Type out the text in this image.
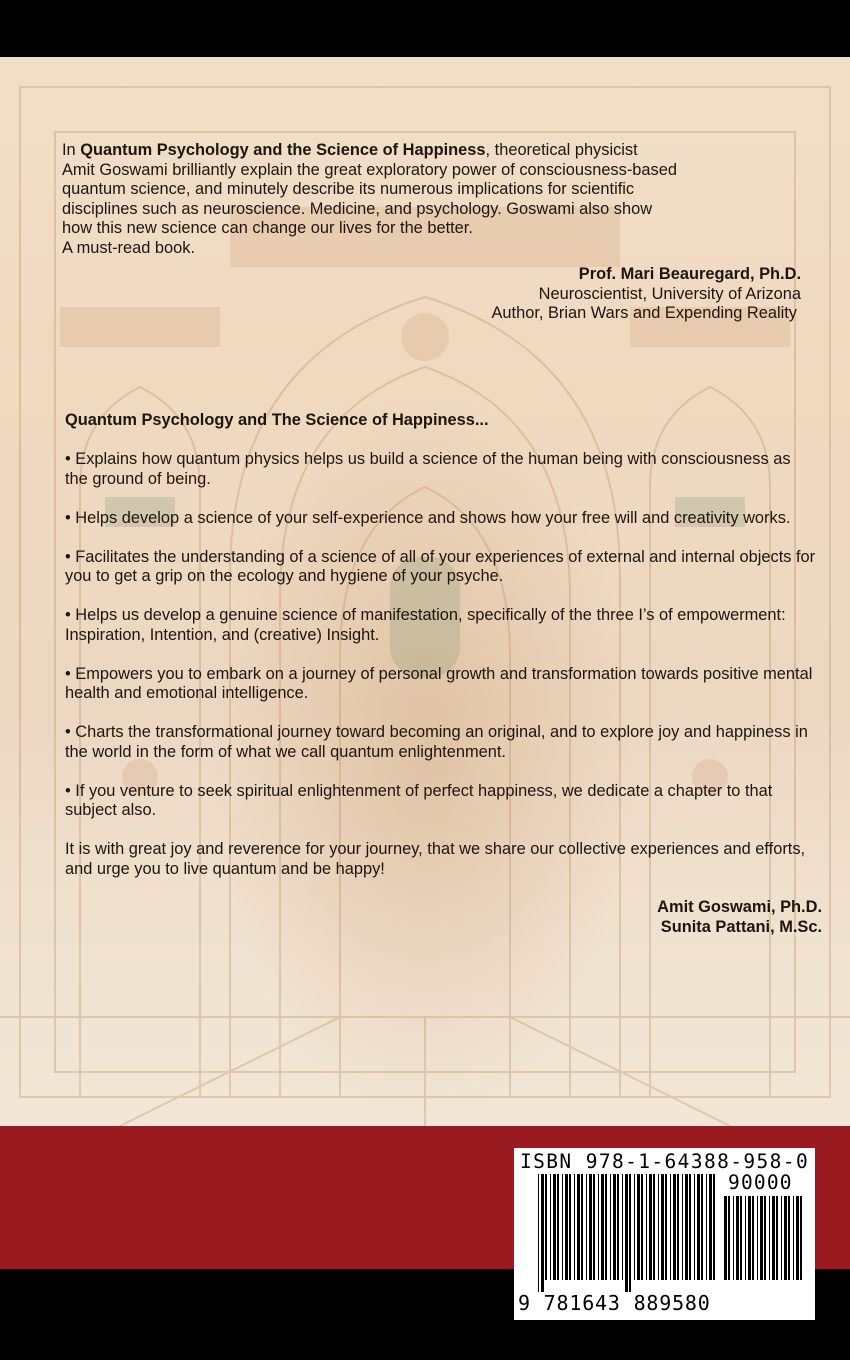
In Quantum Psychology and the Science of Happiness, theoretical physicist
Amit Goswami brilliantly explain the great exploratory power of consciousness-based
quantum science, and minutely describe its numerous implications for scientific
disciplines such as neuroscience. Medicine, and psychology. Goswami also show
how this new science can change our lives for the better.
A must-read book.
Prof. Mari Beauregard, Ph.D.
Neuroscientist, University of Arizona
Author, Brian Wars and Expending Reality

Quantum Psychology and The Science of Happiness...

• Explains how quantum physics helps us build a science of the human being with consciousness as the ground of being.

• Helps develop a science of your self-experience and shows how your free will and creativity works.

• Facilitates the understanding of a science of all of your experiences of external and internal objects for you to get a grip on the ecology and hygiene of your psyche.

• Helps us develop a genuine science of manifestation, specifically of the three I’s of empowerment: Inspiration, Intention, and (creative) Insight.

• Empowers you to embark on a journey of personal growth and transformation towards positive mental health and emotional intelligence.

• Charts the transformational journey toward becoming an original, and to explore joy and happiness in the world in the form of what we call quantum enlightenment.

• If you venture to seek spiritual enlightenment of perfect happiness, we dedicate a chapter to that subject also.

It is with great joy and reverence for your journey, that we share our collective experiences and efforts, and urge you to live quantum and be happy!

Amit Goswami, Ph.D.
Sunita Pattani, M.Sc.
ISBN 978-1-64388-958-0
90000
9 781643 889580
